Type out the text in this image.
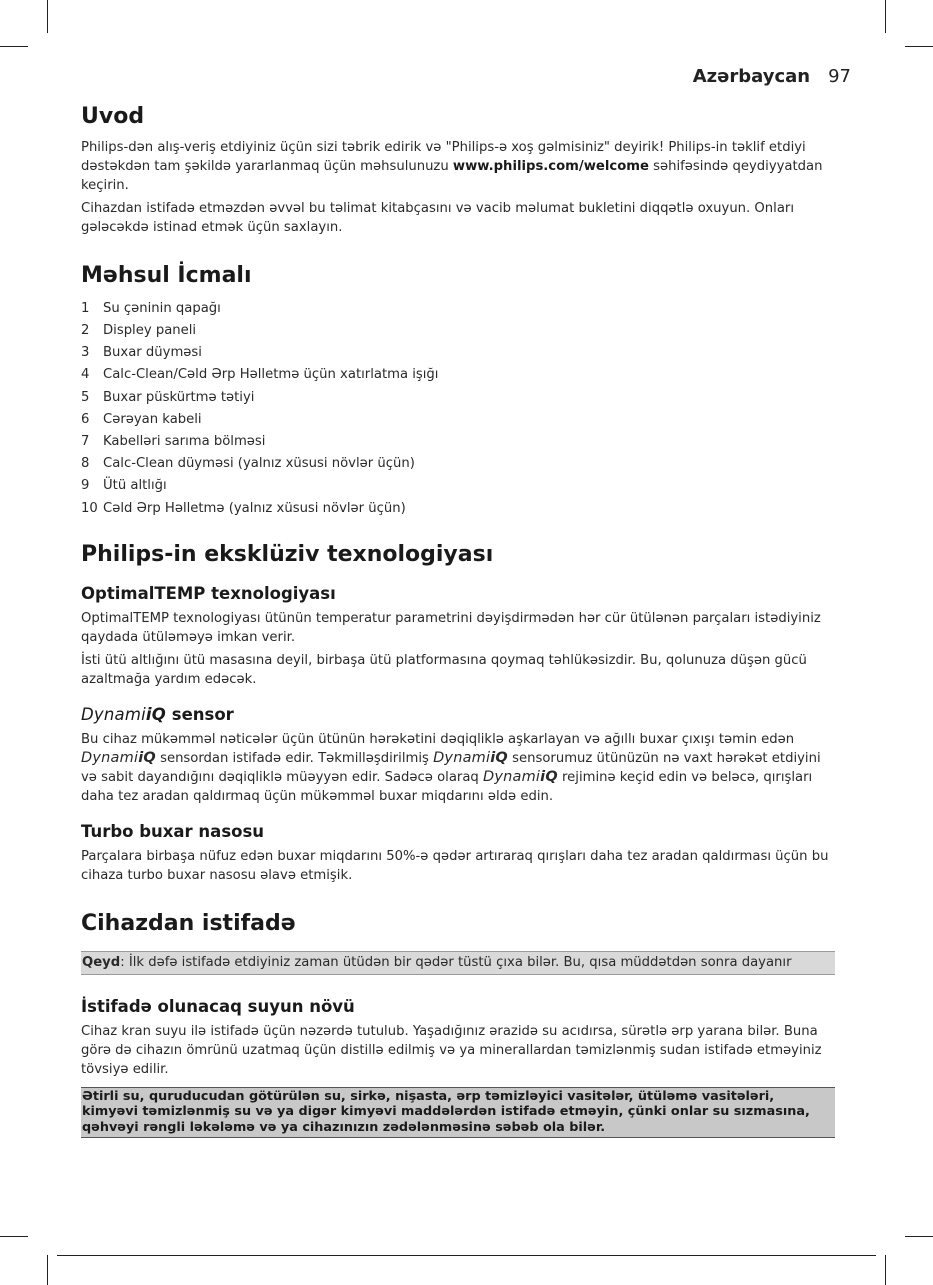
Azərbaycan 97
Uvod

Philips-dən alış-veriş etdiyiniz üçün sizi təbrik edirik və "Philips-ə xoş gəlmisiniz" deyirik! Philips-in təklif etdiyi dəstəkdən tam şəkildə yararlanmaq üçün məhsulunuzu www.philips.com/welcome səhifəsində qeydiyyatdan keçirin.

Cihazdan istifadə etməzdən əvvəl bu təlimat kitabçasını və vacib məlumat bukletini diqqətlə oxuyun. Onları gələcəkdə istinad etmək üçün saxlayın.

Məhsul İcmalı
1	Su çəninin qapağı
2	Displey paneli
3	Buxar düyməsi
4	Calc-Clean/Cəld Ərp Həlletmə üçün xatırlatma işığı
5	Buxar püskürtmə tətiyi
6	Cərəyan kabeli
7	Kabelləri sarıma bölməsi
8	Calc-Clean düyməsi (yalnız xüsusi növlər üçün)
9	Ütü altlığı
10 Cəld Ərp Həlletmə (yalnız xüsusi növlər üçün)
Philips-in eksklüziv texnologiyası
OptimalTEMP texnologiyası

OptimalTEMP texnologiyası ütünün temperatur parametrini dəyişdirmədən hər cür ütülənən parçaları istədiyiniz qaydada ütüləməyə imkan verir.

İsti ütü altlığını ütü masasına deyil, birbaşa ütü platformasına qoymaq təhlükəsizdir. Bu, qolunuza düşən gücü azaltmağa yardım edəcək.

DynamiiQ sensor

Bu cihaz mükəmməl nəticələr üçün ütünün hərəkətini dəqiqliklə aşkarlayan və ağıllı buxar çıxışı təmin edən DynamiiQ sensordan istifadə edir. Təkmilləşdirilmiş DynamiiQ sensorumuz ütünüzün nə vaxt hərəkət etdiyini və sabit dayandığını dəqiqliklə müəyyən edir. Sadəcə olaraq DynamiiQ rejiminə keçid edin və beləcə, qırışları daha tez aradan qaldırmaq üçün mükəmməl buxar miqdarını əldə edin.

Turbo buxar nasosu

Parçalara birbaşa nüfuz edən buxar miqdarını 50%-ə qədər artıraraq qırışları daha tez aradan qaldırması üçün bu cihaza turbo buxar nasosu əlavə etmişik.

Cihazdan istifadə
Qeyd: İlk dəfə istifadə etdiyiniz zaman ütüdən bir qədər tüstü çıxa bilər. Bu, qısa müddətdən sonra dayanır
İstifadə olunacaq suyun növü

Cihaz kran suyu ilə istifadə üçün nəzərdə tutulub. Yaşadığınız ərazidə su acıdırsa, sürətlə ərp yarana bilər. Buna görə də cihazın ömrünü uzatmaq üçün distillə edilmiş və ya minerallardan təmizlənmiş sudan istifadə etməyiniz tövsiyə edilir.

Ətirli su, quruducudan götürülən su, sirkə, nişasta, ərp təmizləyici vasitələr, ütüləmə vasitələri, kimyəvi təmizlənmiş su və ya digər kimyəvi maddələrdən istifadə etməyin, çünki onlar su sızmasına, qəhvəyi rəngli ləkələmə və ya cihazınızın zədələnməsinə səbəb ola bilər.
